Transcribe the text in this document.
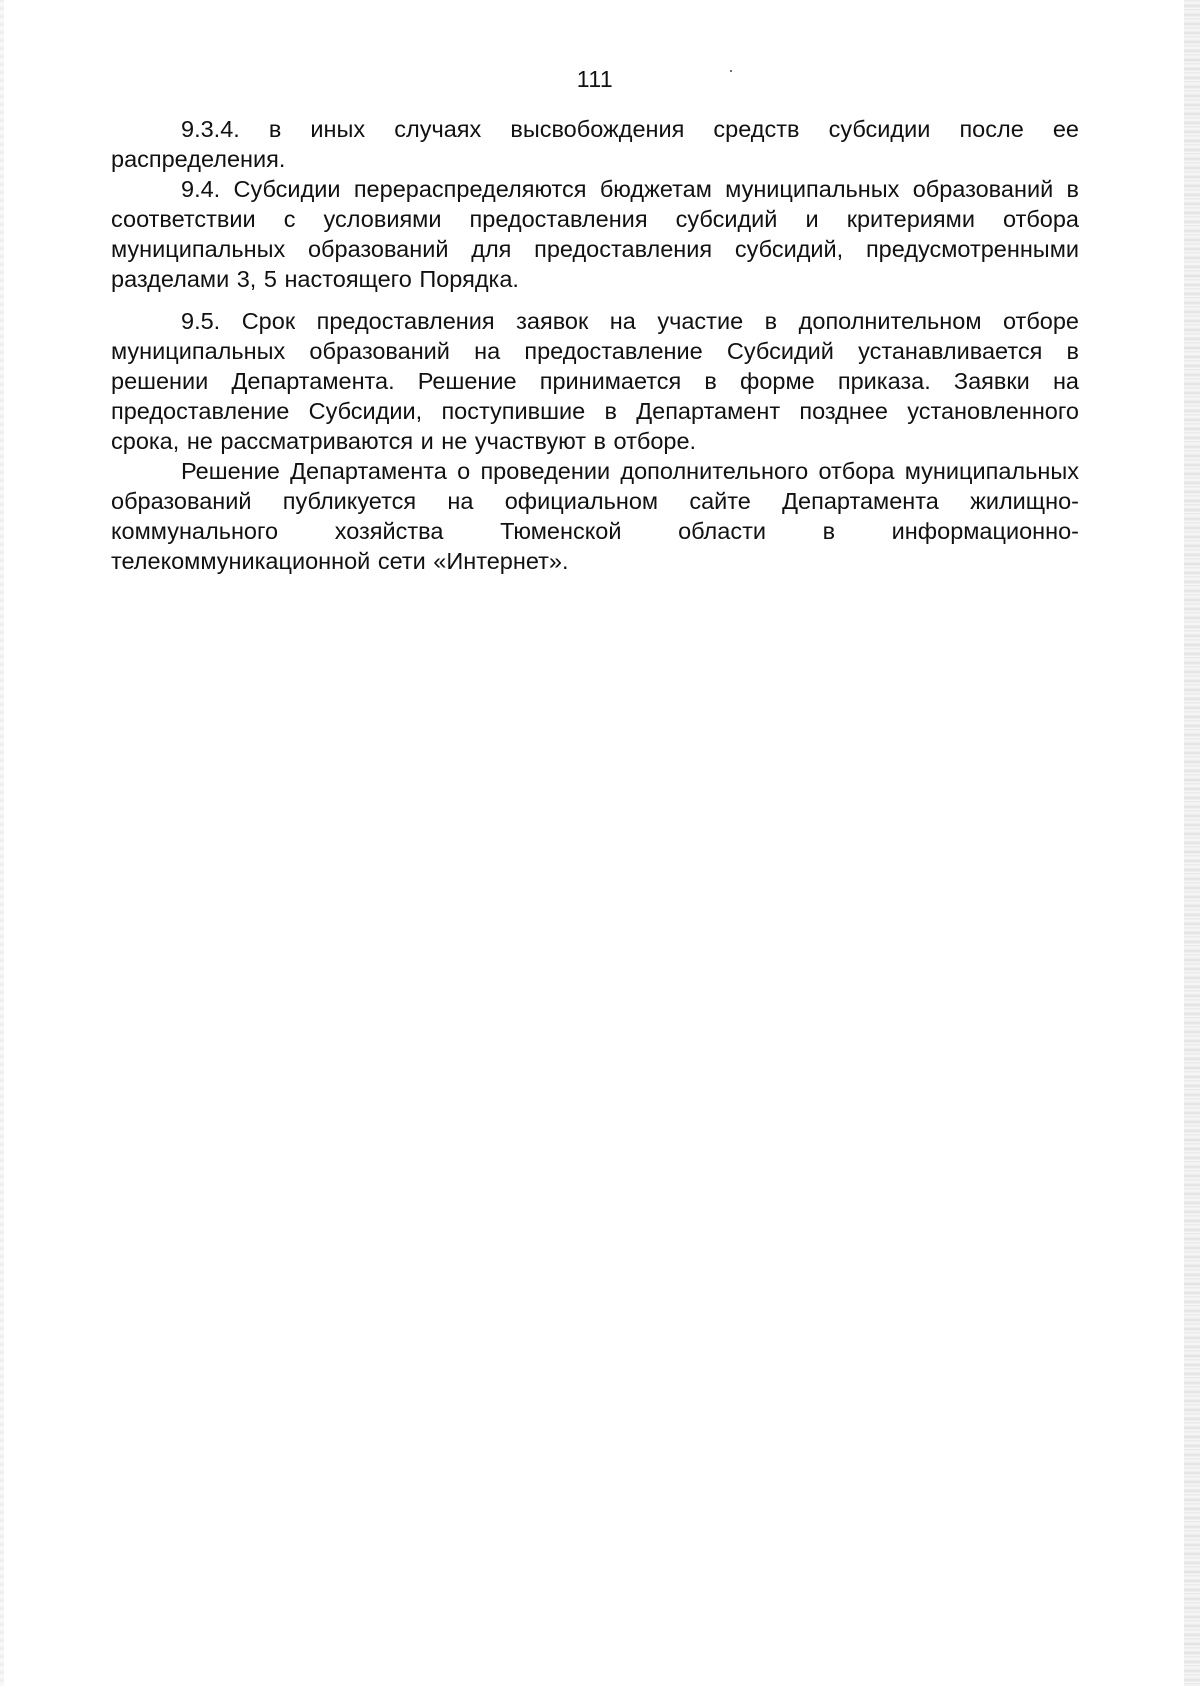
111

9.3.4. в иных случаях высвобождения средств субсидии после ее распределения.

9.4. Субсидии перераспределяются бюджетам муниципальных образований в соответствии с условиями предоставления субсидий и критериями отбора муниципальных образований для предоставления субсидий, предусмотренными разделами 3, 5 настоящего Порядка.

9.5. Срок предоставления заявок на участие в дополнительном отборе муниципальных образований на предоставление Субсидий устанавливается в решении Департамента. Решение принимается в форме приказа. Заявки на предоставление Субсидии, поступившие в Департамент позднее установленного срока, не рассматриваются и не участвуют в отборе.

Решение Департамента о проведении дополнительного отбора муниципальных образований публикуется на официальном сайте Департамента жилищно-коммунального хозяйства Тюменской области в информационно-телекоммуникационной сети «Интернет».
